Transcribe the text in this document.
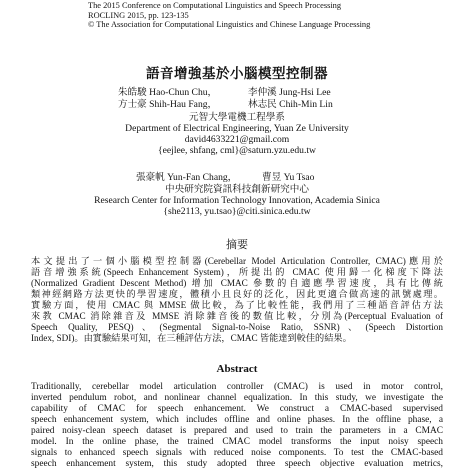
The 2015 Conference on Computational Linguistics and Speech Processing
ROCLING 2015, pp. 123-135
© The Association for Computational Linguistics and Chinese Language Processing
語音增強基於小腦模型控制器
朱皓駿 Hao-Chun Chu，	李仲溪 Jung-Hsi Lee
方士豪 Shih-Hau Fang，	林志民 Chih-Min Lin
元智大學電機工程學系
Department of Electrical Engineering, Yuan Ze University
david4633221@gmail.com
{eejlee, shfang, cml}@saturn.yzu.edu.tw
張豪帆 Yun-Fan Chang，	曹昱 Yu Tsao
中央研究院資訊科技創新研究中心
Research Center for Information Technology Innovation, Academia Sinica
{she2113, yu.tsao}@citi.sinica.edu.tw
摘要
本文提出了一個小腦模型控制器(Cerebellar Model Articulation Controller, CMAC)應用於
語音增強系統(Speech Enhancement System)，所提出的 CMAC 使用歸一化梯度下降法
(Normalized Gradient Descent Method) 增加 CMAC 參數的自適應學習速度，具有比傳統
類神經網路方法更快的學習速度，體積小且良好的泛化，因此更適合做高速的訊號處理。
實驗方面，使用 CMAC 與 MMSE 做比較，為了比較性能，我們用了三種語音評估方法
來教 CMAC 消除雜音及 MMSE 消除雜音後的數值比較，分別為(Perceptual Evaluation of
Speech Quality, PESQ)、(Segmental Signal-to-Noise Ratio, SSNR)、(Speech Distortion
Index, SDI)。由實驗結果可知，在三種評估方法，CMAC 皆能達到較佳的結果。
Abstract
Traditionally, cerebellar model articulation controller (CMAC) is used in motor control,
inverted pendulum robot, and nonlinear channel equalization. In this study, we investigate the
capability of CMAC for speech enhancement. We construct a CMAC-based supervised
speech enhancement system, which includes offline and online phases. In the offline phase, a
paired noisy-clean speech dataset is prepared and used to train the parameters in a CMAC
model. In the online phase, the trained CMAC model transforms the input noisy speech
signals to enhanced speech signals with reduced noise components. To test the CMAC-based
speech enhancement system, this study adopted three speech objective evaluation metrics,
